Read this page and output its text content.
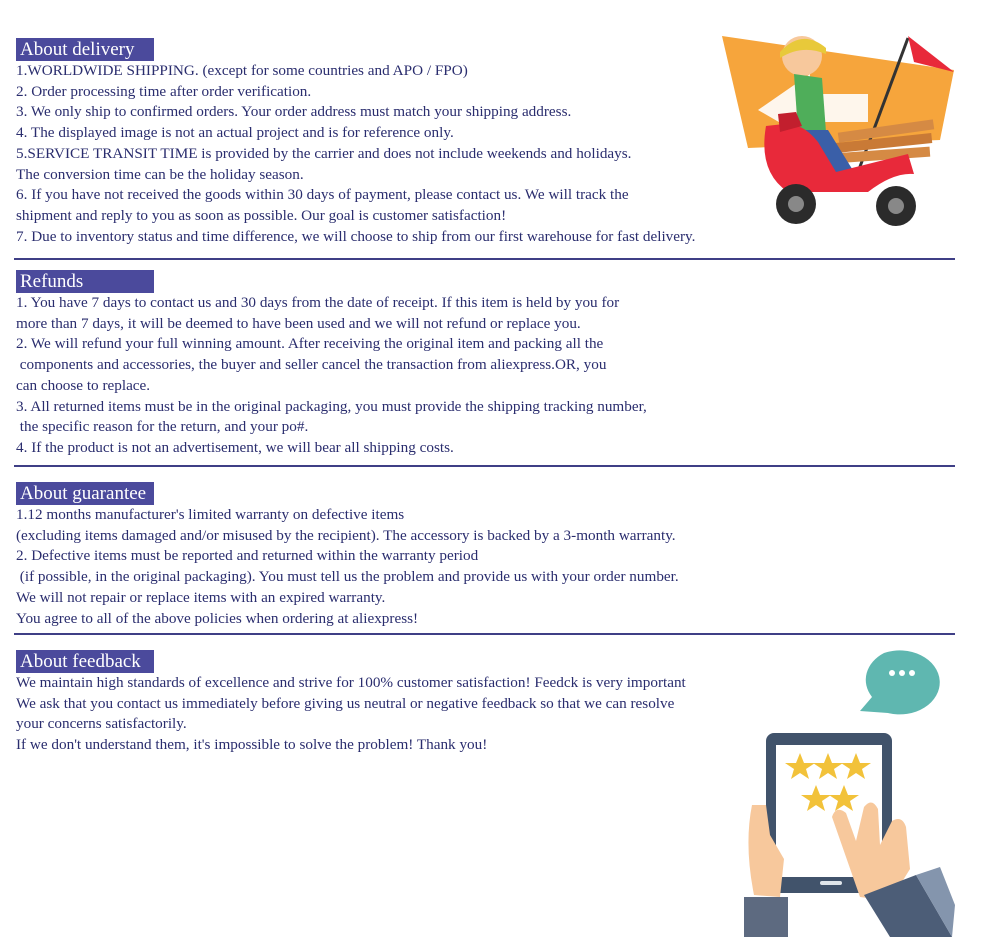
About delivery
1.WORLDWIDE SHIPPING. (except for some countries and APO / FPO)
2. Order processing time after order verification.
3. We only ship to confirmed orders. Your order address must match your shipping address.
4. The displayed image is not an actual project and is for reference only.
5.SERVICE TRANSIT TIME is provided by the carrier and does not include weekends and holidays.
The conversion time can be the holiday season.
6. If you have not received the goods within 30 days of payment, please contact us. We will track the
shipment and reply to you as soon as possible. Our goal is customer satisfaction!
7. Due to inventory status and time difference, we will choose to ship from our first warehouse for fast delivery.
Refunds
1. You have 7 days to contact us and 30 days from the date of receipt. If this item is held by you for
more than 7 days, it will be deemed to have been used and we will not refund or replace you.
2. We will refund your full winning amount. After receiving the original item and packing all the
components and accessories, the buyer and seller cancel the transaction from aliexpress.OR, you
can choose to replace.
3. All returned items must be in the original packaging, you must provide the shipping tracking number,
the specific reason for the return, and your po#.
4. If the product is not an advertisement, we will bear all shipping costs.
About guarantee
1.12 months manufacturer's limited warranty on defective items
(excluding items damaged and/or misused by the recipient). The accessory is backed by a 3-month warranty.
2. Defective items must be reported and returned within the warranty period
(if possible, in the original packaging). You must tell us the problem and provide us with your order number.
We will not repair or replace items with an expired warranty.
You agree to all of the above policies when ordering at aliexpress!
About feedback
We maintain high standards of excellence and strive for 100% customer satisfaction! Feedck is very important
We ask that you contact us immediately before giving us neutral or negative feedback so that we can resolve
your concerns satisfactorily.
If we don't understand them, it's impossible to solve the problem! Thank you!
